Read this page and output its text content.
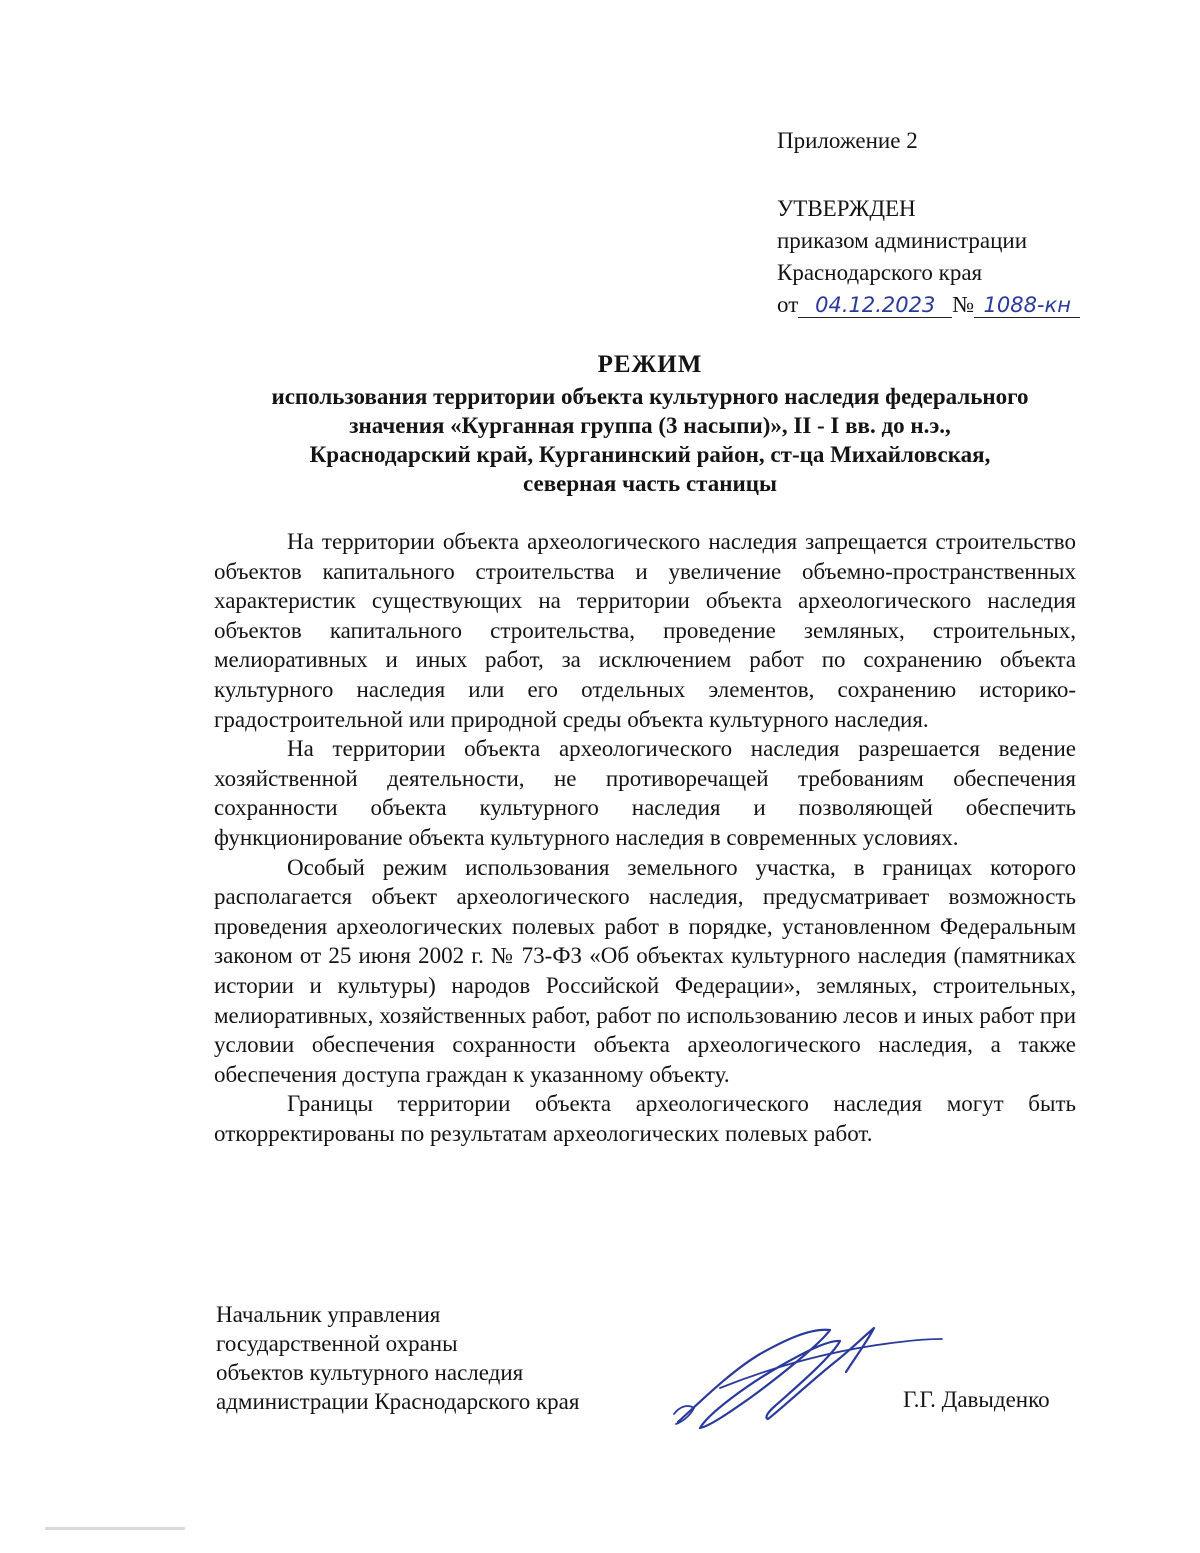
Приложение 2
УТВЕРЖДЕН
приказом администрации
Краснодарского края
от 04.12.2023 № 1088-кн
РЕЖИМ
использования территории объекта культурного наследия федерального
значения «Курганная группа (3 насыпи)», II - I вв. до н.э.,
Краснодарский край, Курганинский район, ст-ца Михайловская,
северная часть станицы

На территории объекта археологического наследия запрещается строительство объектов капитального строительства и увеличение объемно-пространственных характеристик существующих на территории объекта археологического наследия объектов капитального строительства, проведение земляных, строительных, мелиоративных и иных работ, за исключением работ по сохранению объекта культурного наследия или его отдельных элементов, сохранению историко-градостроительной или природной среды объекта культурного наследия.

На территории объекта археологического наследия разрешается ведение хозяйственной деятельности, не противоречащей требованиям обеспечения сохранности объекта культурного наследия и позволяющей обеспечить функционирование объекта культурного наследия в современных условиях.

Особый режим использования земельного участка, в границах которого располагается объект археологического наследия, предусматривает возможность проведения археологических полевых работ в порядке, установленном Федеральным законом от 25 июня 2002 г. № 73-ФЗ «Об объектах культурного наследия (памятниках истории и культуры) народов Российской Федерации», земляных, строительных, мелиоративных, хозяйственных работ, работ по использованию лесов и иных работ при условии обеспечения сохранности объекта археологического наследия, а также обеспечения доступа граждан к указанному объекту.

Границы территории объекта археологического наследия могут быть откорректированы по результатам археологических полевых работ.

Начальник управления
государственной охраны
объектов культурного наследия
администрации Краснодарского края	Г.Г. Давыденко
